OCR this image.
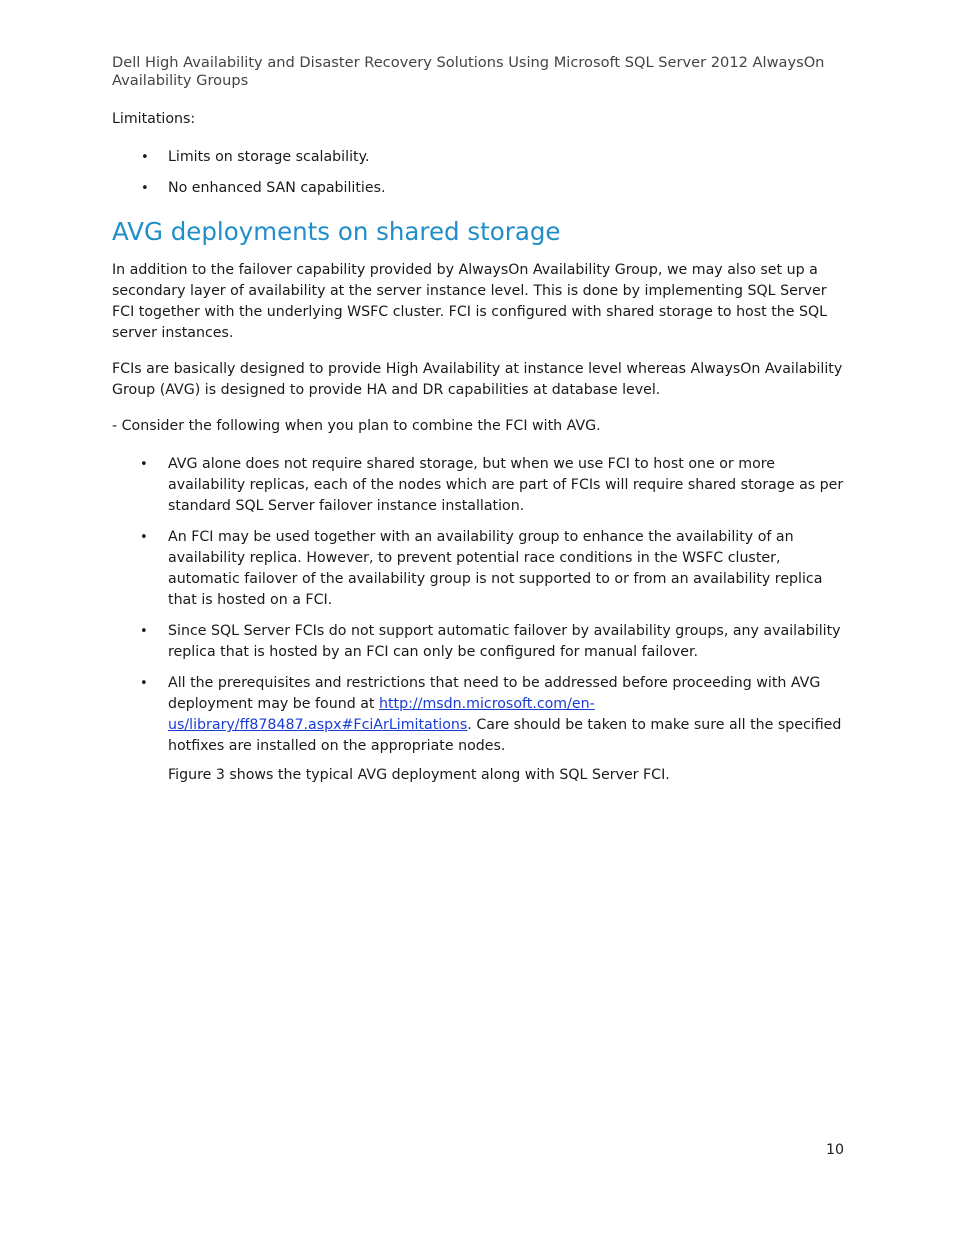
Dell High Availability and Disaster Recovery Solutions Using Microsoft SQL Server 2012 AlwaysOn Availability Groups
Limitations:
• Limits on storage scalability.
• No enhanced SAN capabilities.
AVG deployments on shared storage
In addition to the failover capability provided by AlwaysOn Availability Group, we may also set up a secondary layer of availability at the server instance level. This is done by implementing SQL Server FCI together with the underlying WSFC cluster. FCI is configured with shared storage to host the SQL server instances.
FCIs are basically designed to provide High Availability at instance level whereas AlwaysOn Availability Group (AVG) is designed to provide HA and DR capabilities at database level.
- Consider the following when you plan to combine the FCI with AVG.
• AVG alone does not require shared storage, but when we use FCI to host one or more availability replicas, each of the nodes which are part of FCIs will require shared storage as per standard SQL Server failover instance installation.
• An FCI may be used together with an availability group to enhance the availability of an availability replica. However, to prevent potential race conditions in the WSFC cluster, automatic failover of the availability group is not supported to or from an availability replica that is hosted on a FCI.
• Since SQL Server FCIs do not support automatic failover by availability groups, any availability replica that is hosted by an FCI can only be configured for manual failover.
• All the prerequisites and restrictions that need to be addressed before proceeding with AVG deployment may be found at http://msdn.microsoft.com/en-us/library/ff878487.aspx#FciArLimitations. Care should be taken to make sure all the specified hotfixes are installed on the appropriate nodes.
Figure 3 shows the typical AVG deployment along with SQL Server FCI.
10
